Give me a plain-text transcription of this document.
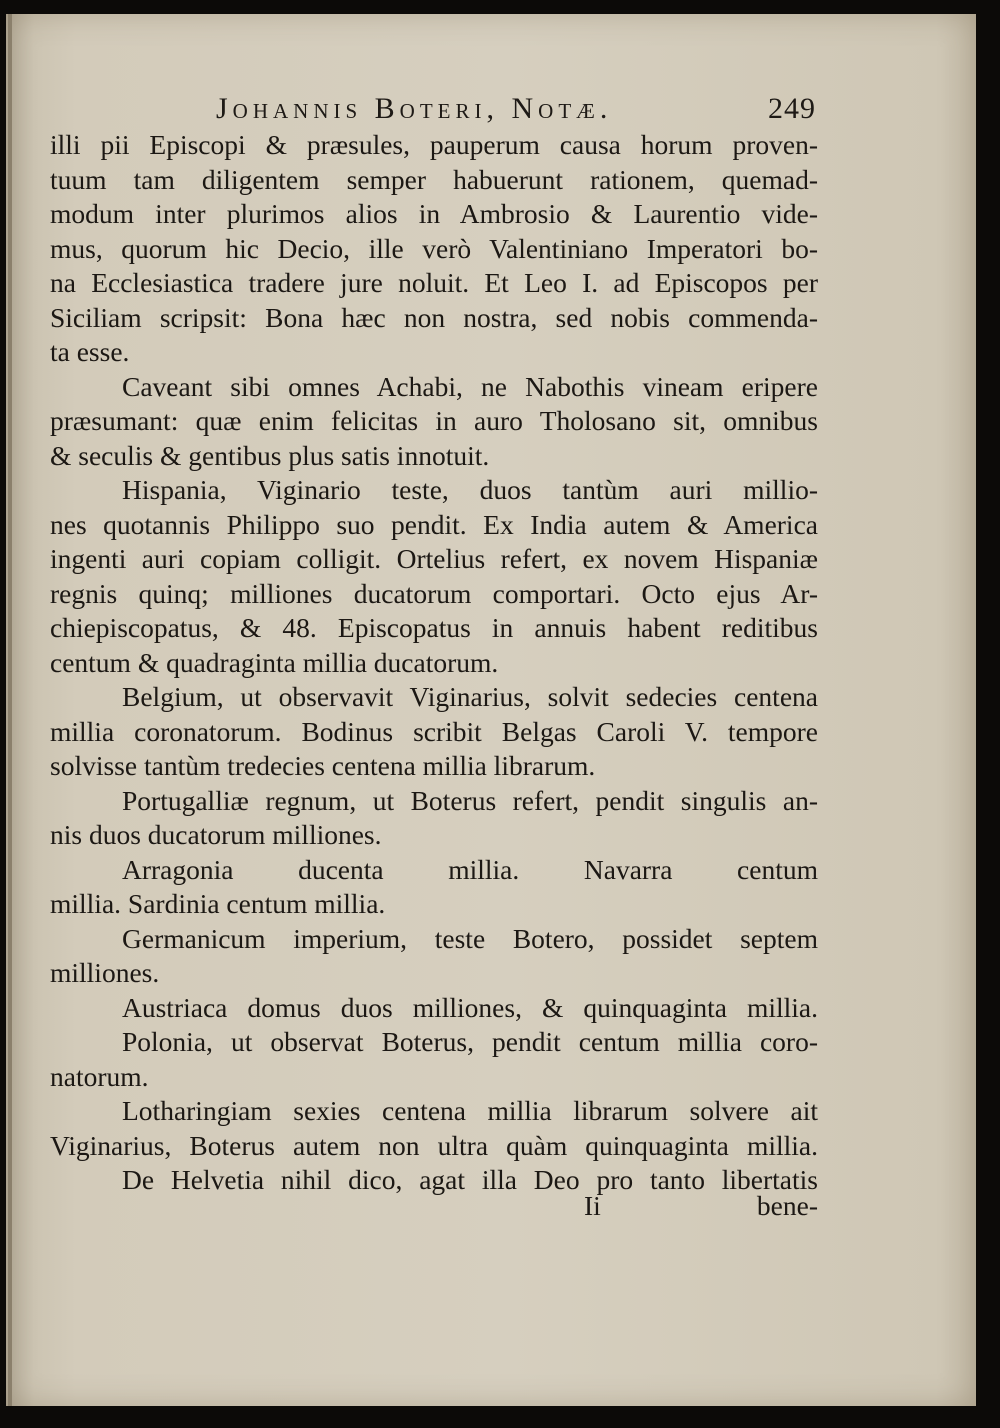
Johannis Boteri, Notæ.	249
illi pii Episcopi & præsules, pauperum causa horum proven-
tuum tam diligentem semper habuerunt rationem, quemad-
modum inter plurimos alios in Ambrosio & Laurentio vide-
mus, quorum hic Decio, ille verò Valentiniano Imperatori bo-
na Ecclesiastica tradere jure noluit. Et Leo I. ad Episcopos per
Siciliam scripsit: Bona hæc non nostra, sed nobis commenda-
ta esse.
Caveant sibi omnes Achabi, ne Nabothis vineam eripere
præsumant: quæ enim felicitas in auro Tholosano sit, omnibus
& seculis & gentibus plus satis innotuit.
Hispania, Viginario teste, duos tantùm auri millio-
nes quotannis Philippo suo pendit. Ex India autem & America
ingenti auri copiam colligit. Ortelius refert, ex novem Hispaniæ
regnis quinq; milliones ducatorum comportari. Octo ejus Ar-
chiepiscopatus, & 48. Episcopatus in annuis habent reditibus
centum & quadraginta millia ducatorum.
Belgium, ut observavit Viginarius, solvit sedecies centena
millia coronatorum. Bodinus scribit Belgas Caroli V. tempore
solvisse tantùm tredecies centena millia librarum.
Portugalliæ regnum, ut Boterus refert, pendit singulis an-
nis duos ducatorum milliones.
Arragonia ducenta millia. Navarra centum
millia. Sardinia centum millia.
Germanicum imperium, teste Botero, possidet septem
milliones.
Austriaca domus duos milliones, & quinquaginta millia.
Polonia, ut observat Boterus, pendit centum millia coro-
natorum.
Lotharingiam sexies centena millia librarum solvere ait
Viginarius, Boterus autem non ultra quàm quinquaginta millia.
De Helvetia nihil dico, agat illa Deo pro tanto libertatis
Ii	bene-
